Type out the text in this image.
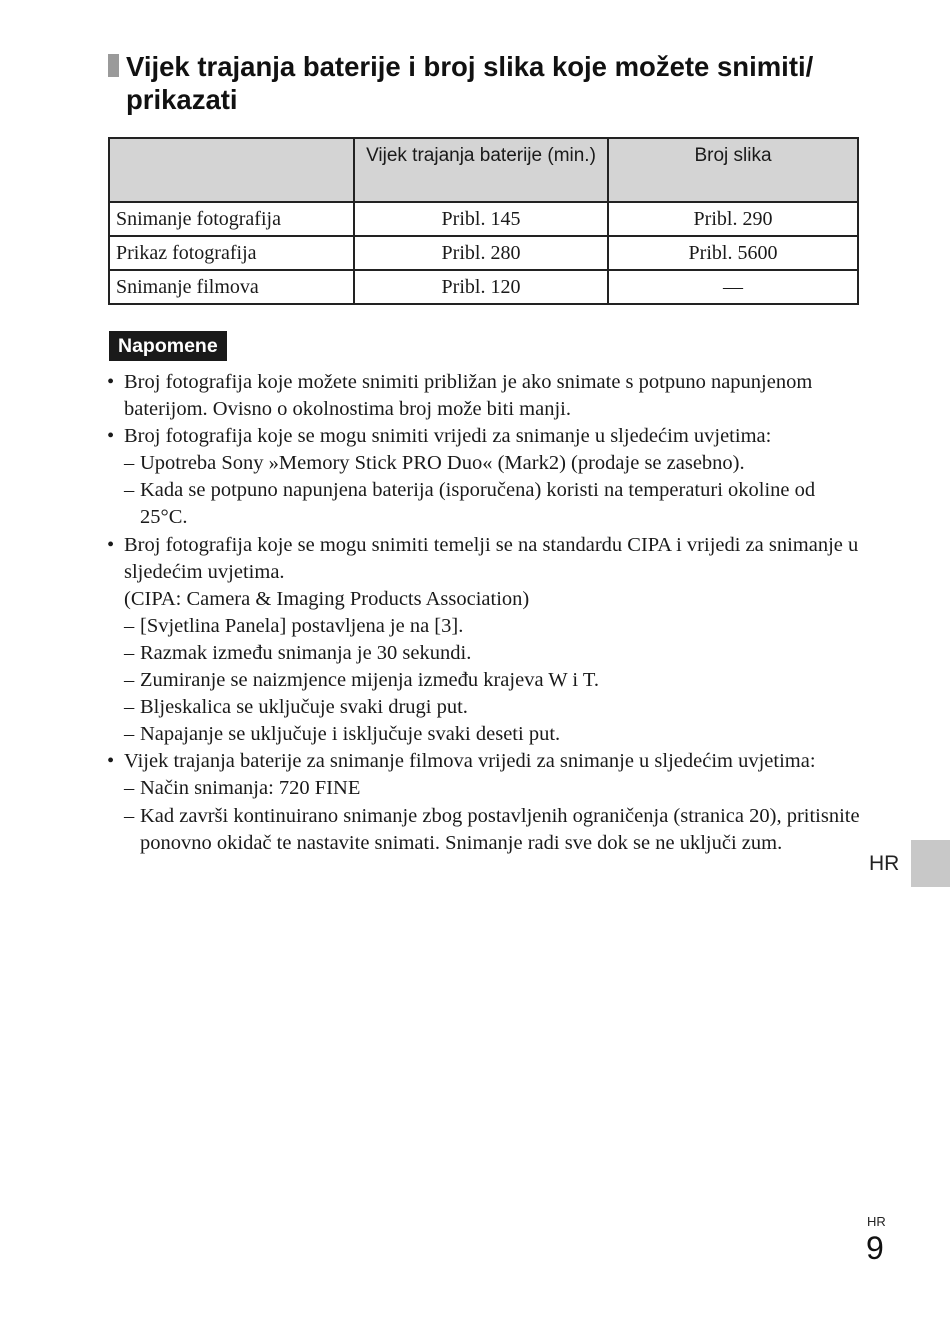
Vijek trajanja baterije i broj slika koje možete snimiti/ prikazati
	Vijek trajanja baterije (min.)	Broj slika
Snimanje fotografija	Pribl. 145	Pribl. 290
Prikaz fotografija	Pribl. 280	Pribl. 5600
Snimanje filmova	Pribl. 120	—
Napomene
• Broj fotografija koje možete snimiti približan je ako snimate s potpuno napunjenom baterijom. Ovisno o okolnostima broj može biti manji.
• Broj fotografija koje se mogu snimiti vrijedi za snimanje u sljedećim uvjetima:
– Upotreba Sony »Memory Stick PRO Duo« (Mark2) (prodaje se zasebno).
– Kada se potpuno napunjena baterija (isporučena) koristi na temperaturi okoline od 25°C.
• Broj fotografija koje se mogu snimiti temelji se na standardu CIPA i vrijedi za snimanje u sljedećim uvjetima.
(CIPA: Camera & Imaging Products Association)
– [Svjetlina Panela] postavljena je na [3].
– Razmak između snimanja je 30 sekundi.
– Zumiranje se naizmjence mijenja između krajeva W i T.
– Bljeskalica se uključuje svaki drugi put.
– Napajanje se uključuje i isključuje svaki deseti put.
• Vijek trajanja baterije za snimanje filmova vrijedi za snimanje u sljedećim uvjetima:
– Način snimanja: 720 FINE
– Kad završi kontinuirano snimanje zbog postavljenih ograničenja (stranica 20), pritisnite ponovno okidač te nastavite snimati. Snimanje radi sve dok se ne uključi zum.
HR
HR
9
